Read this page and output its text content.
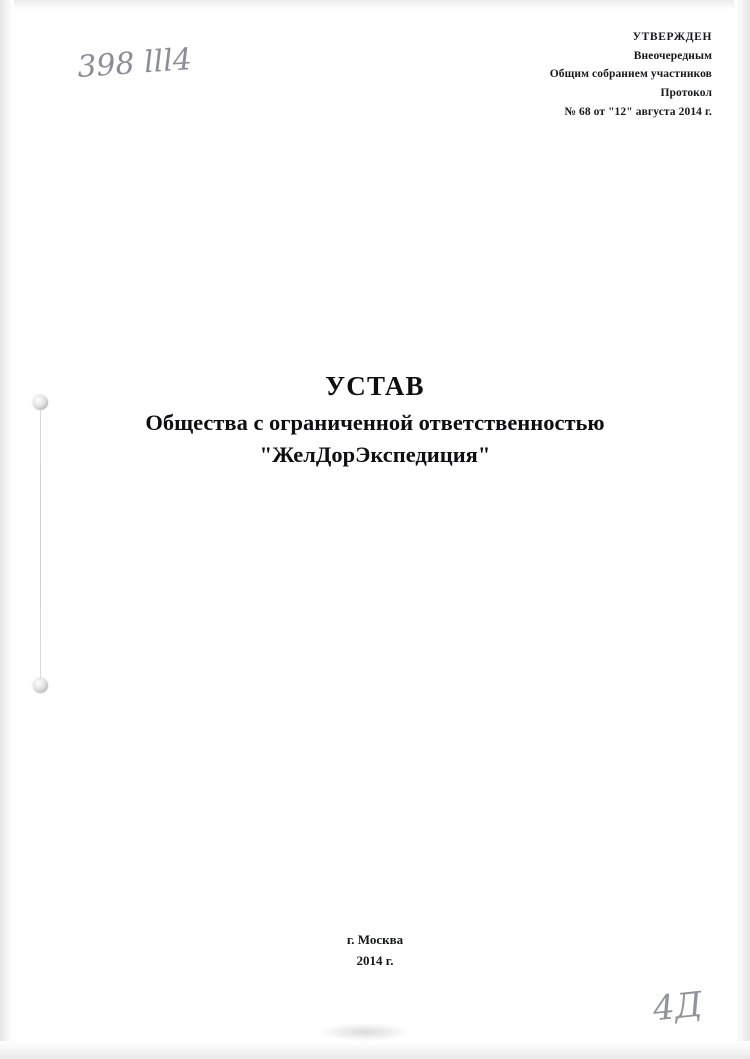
398 lll4
УТВЕРЖДЕН
Внеочередным
Общим собранием участников
Протокол
№ 68 от "12" августа 2014 г.
УСТАВ
Общества с ограниченной ответственностью
"ЖелДорЭкспедиция"
г. Москва
2014 г.
4Д
